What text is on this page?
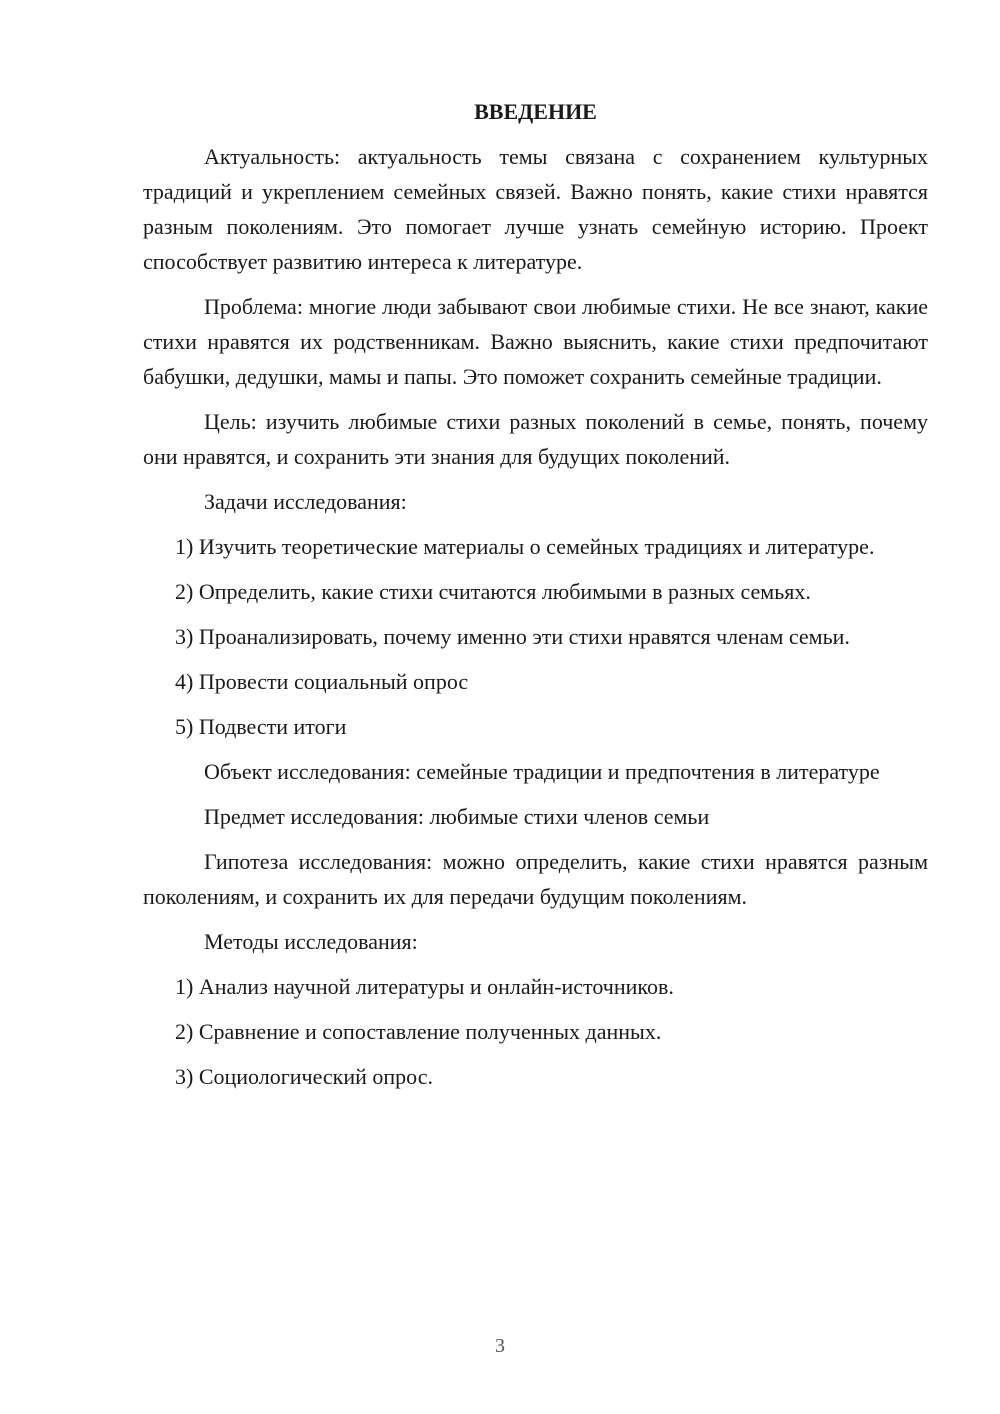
ВВЕДЕНИЕ
Актуальность: актуальность темы связана с сохранением культурных традиций и укреплением семейных связей. Важно понять, какие стихи нравятся разным поколениям. Это помогает лучше узнать семейную историю. Проект способствует развитию интереса к литературе.
Проблема: многие люди забывают свои любимые стихи. Не все знают, какие стихи нравятся их родственникам. Важно выяснить, какие стихи предпочитают бабушки, дедушки, мамы и папы. Это поможет сохранить семейные традиции.
Цель: изучить любимые стихи разных поколений в семье, понять, почему они нравятся, и сохранить эти знания для будущих поколений.
Задачи исследования:
1) Изучить теоретические материалы о семейных традициях и литературе.
2) Определить, какие стихи считаются любимыми в разных семьях.
3) Проанализировать, почему именно эти стихи нравятся членам семьи.
4) Провести социальный опрос
5) Подвести итоги
Объект исследования: семейные традиции и предпочтения в литературе
Предмет исследования: любимые стихи членов семьи
Гипотеза исследования: можно определить, какие стихи нравятся разным поколениям, и сохранить их для передачи будущим поколениям.
Методы исследования:
1) Анализ научной литературы и онлайн-источников.
2) Сравнение и сопоставление полученных данных.
3) Социологический опрос.
3
